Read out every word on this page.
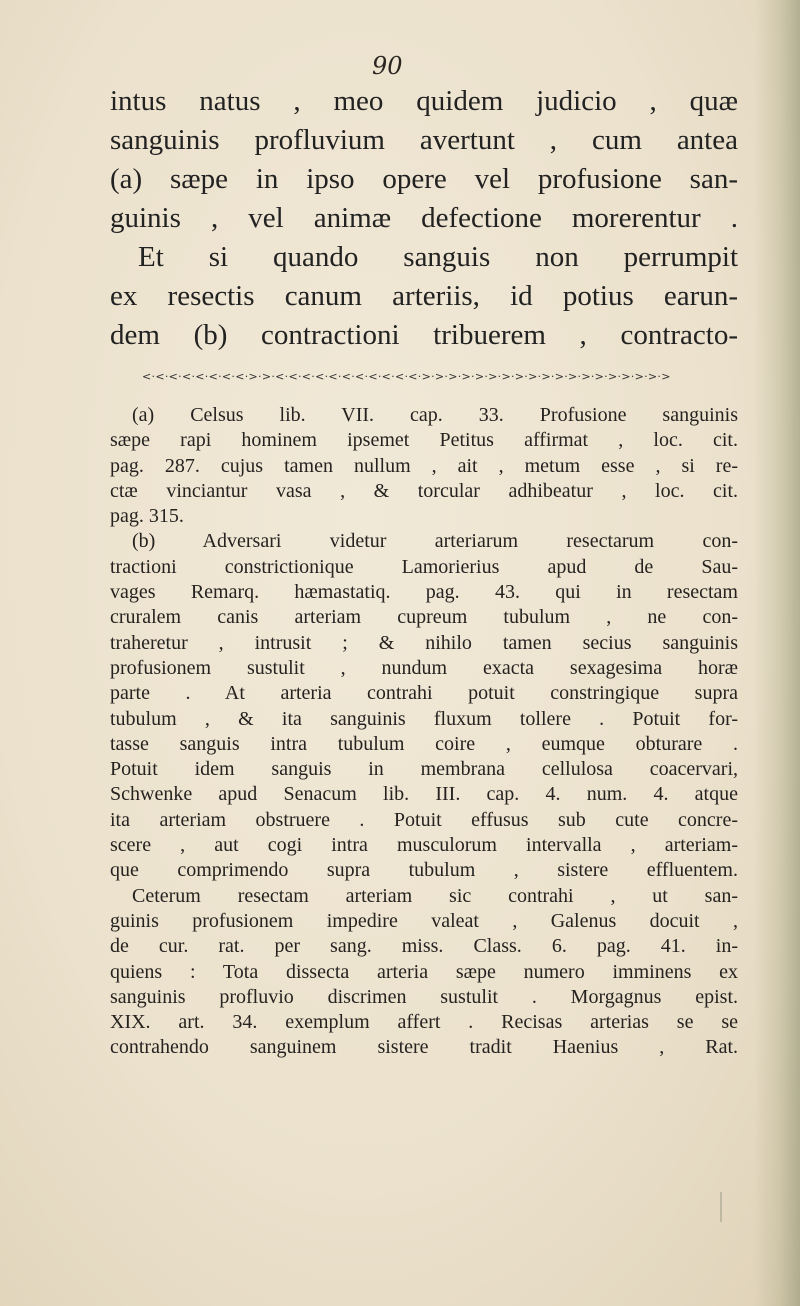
90
intus natus , meo quidem judicio , quæ
sanguinis profluvium avertunt , cum antea
(a) sæpe in ipso opere vel profusione san-
guinis , vel animæ defectione morerentur .
Et si quando sanguis non perrumpit
ex resectis canum arteriis, id potius earun-
dem (b) contractioni tribuerem , contracto-
<·<·<·<·<·<·<·<·>·>·<·<·<·<·<·<·<·<·<·<·<·>·>·>·>·>·>·>·>·>·>·>·>·>·>·>·>·>·>·>
(a) Celsus lib. VII. cap. 33. Profusione sanguinis
sæpe rapi hominem ipsemet Petitus affirmat , loc. cit.
pag. 287. cujus tamen nullum , ait , metum esse , si re-
ctæ vinciantur vasa , & torcular adhibeatur , loc. cit.
pag. 315.
(b) Adversari videtur arteriarum resectarum con-
tractioni constrictionique Lamorierius apud de Sau-
vages Remarq. hæmastatiq. pag. 43. qui in resectam
cruralem canis arteriam cupreum tubulum , ne con-
traheretur , intrusit ; & nihilo tamen secius sanguinis
profusionem sustulit , nundum exacta sexagesima horæ
parte . At arteria contrahi potuit constringique supra
tubulum , & ita sanguinis fluxum tollere . Potuit for-
tasse sanguis intra tubulum coire , eumque obturare .
Potuit idem sanguis in membrana cellulosa coacervari,
Schwenke apud Senacum lib. III. cap. 4. num. 4. atque
ita arteriam obstruere . Potuit effusus sub cute concre-
scere , aut cogi intra musculorum intervalla , arteriam-
que comprimendo supra tubulum , sistere effluentem.
Ceterum resectam arteriam sic contrahi , ut san-
guinis profusionem impedire valeat , Galenus docuit ,
de cur. rat. per sang. miss. Class. 6. pag. 41. in-
quiens : Tota dissecta arteria sæpe numero imminens ex
sanguinis profluvio discrimen sustulit . Morgagnus epist.
XIX. art. 34. exemplum affert . Recisas arterias se se
contrahendo sanguinem sistere tradit Haenius , Rat.
